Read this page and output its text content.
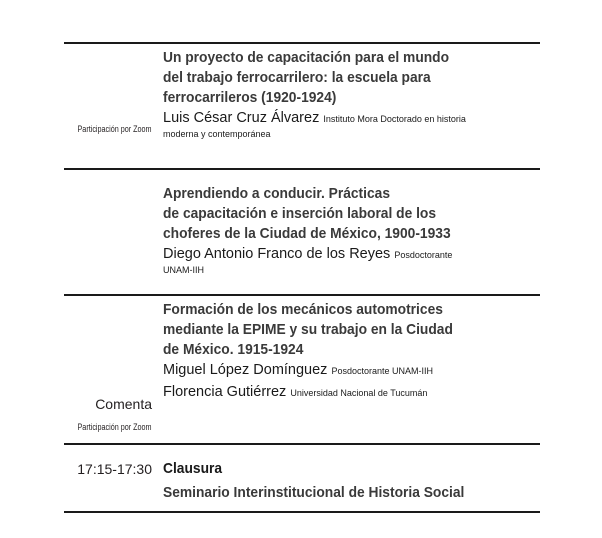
Participación por Zoom
Un proyecto de capacitación para el mundo
del trabajo ferrocarrilero: la escuela para
ferrocarrileros (1920-1924)
Luis César Cruz Álvarez Instituto Mora Doctorado en historia
moderna y contemporánea
Aprendiendo a conducir. Prácticas
de capacitación e inserción laboral de los
choferes de la Ciudad de México, 1900-1933
Diego Antonio Franco de los Reyes Posdoctorante
UNAM-IIH
Comenta
Participación por Zoom
Formación de los mecánicos automotrices
mediante la EPIME y su trabajo en la Ciudad
de México. 1915-1924
Miguel López Domínguez Posdoctorante UNAM-IIH
Florencia Gutiérrez Universidad Nacional de Tucumán
17:15-17:30 Clausura
Seminario Interinstitucional de Historia Social
